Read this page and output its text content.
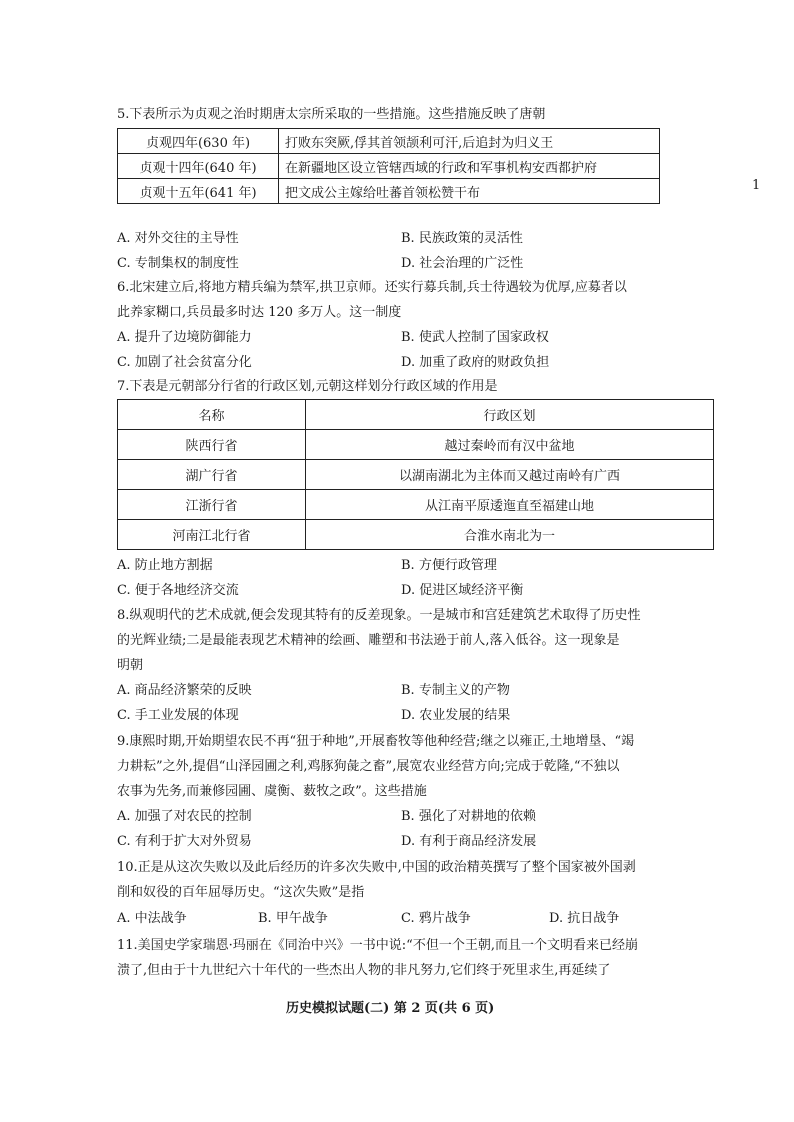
1
5.下表所示为贞观之治时期唐太宗所采取的一些措施。这些措施反映了唐朝
贞观四年(630 年)	打败东突厥,俘其首领颉利可汗,后追封为归义王
贞观十四年(640 年)	在新疆地区设立管辖西域的行政和军事机构安西都护府
贞观十五年(641 年)	把文成公主嫁给吐蕃首领松赞干布
A. 对外交往的主导性	B. 民族政策的灵活性
C. 专制集权的制度性	D. 社会治理的广泛性
6.北宋建立后,将地方精兵编为禁军,拱卫京师。还实行募兵制,兵士待遇较为优厚,应募者以
此养家糊口,兵员最多时达 120 多万人。这一制度
A. 提升了边境防御能力	B. 使武人控制了国家政权
C. 加剧了社会贫富分化	D. 加重了政府的财政负担
7.下表是元朝部分行省的行政区划,元朝这样划分行政区域的作用是
名称	行政区划
陕西行省	越过秦岭而有汉中盆地
湖广行省	以湖南湖北为主体而又越过南岭有广西
江浙行省	从江南平原逶迤直至福建山地
河南江北行省	合淮水南北为一
A. 防止地方割据	B. 方便行政管理
C. 便于各地经济交流	D. 促进区域经济平衡
8.纵观明代的艺术成就,便会发现其特有的反差现象。一是城市和宫廷建筑艺术取得了历史性
的光辉业绩;二是最能表现艺术精神的绘画、雕塑和书法逊于前人,落入低谷。这一现象是
明朝
A. 商品经济繁荣的反映	B. 专制主义的产物
C. 手工业发展的体现	D. 农业发展的结果
9.康熙时期,开始期望农民不再“狃于种地”,开展畜牧等他种经营;继之以雍正,土地增垦、“竭
力耕耘”之外,提倡“山泽园圃之利,鸡豚狗彘之畜”,展宽农业经营方向;完成于乾隆,“不独以
农事为先务,而兼修园圃、虞衡、薮牧之政”。这些措施
A. 加强了对农民的控制	B. 强化了对耕地的依赖
C. 有利于扩大对外贸易	D. 有利于商品经济发展
10.正是从这次失败以及此后经历的许多次失败中,中国的政治精英撰写了整个国家被外国剥
削和奴役的百年屈辱历史。“这次失败”是指
A. 中法战争	B. 甲午战争	C. 鸦片战争	D. 抗日战争
11.美国史学家瑞恩·玛丽在《同治中兴》一书中说:“不但一个王朝,而且一个文明看来已经崩
溃了,但由于十九世纪六十年代的一些杰出人物的非凡努力,它们终于死里求生,再延续了
历史模拟试题(二) 第 2 页(共 6 页)
